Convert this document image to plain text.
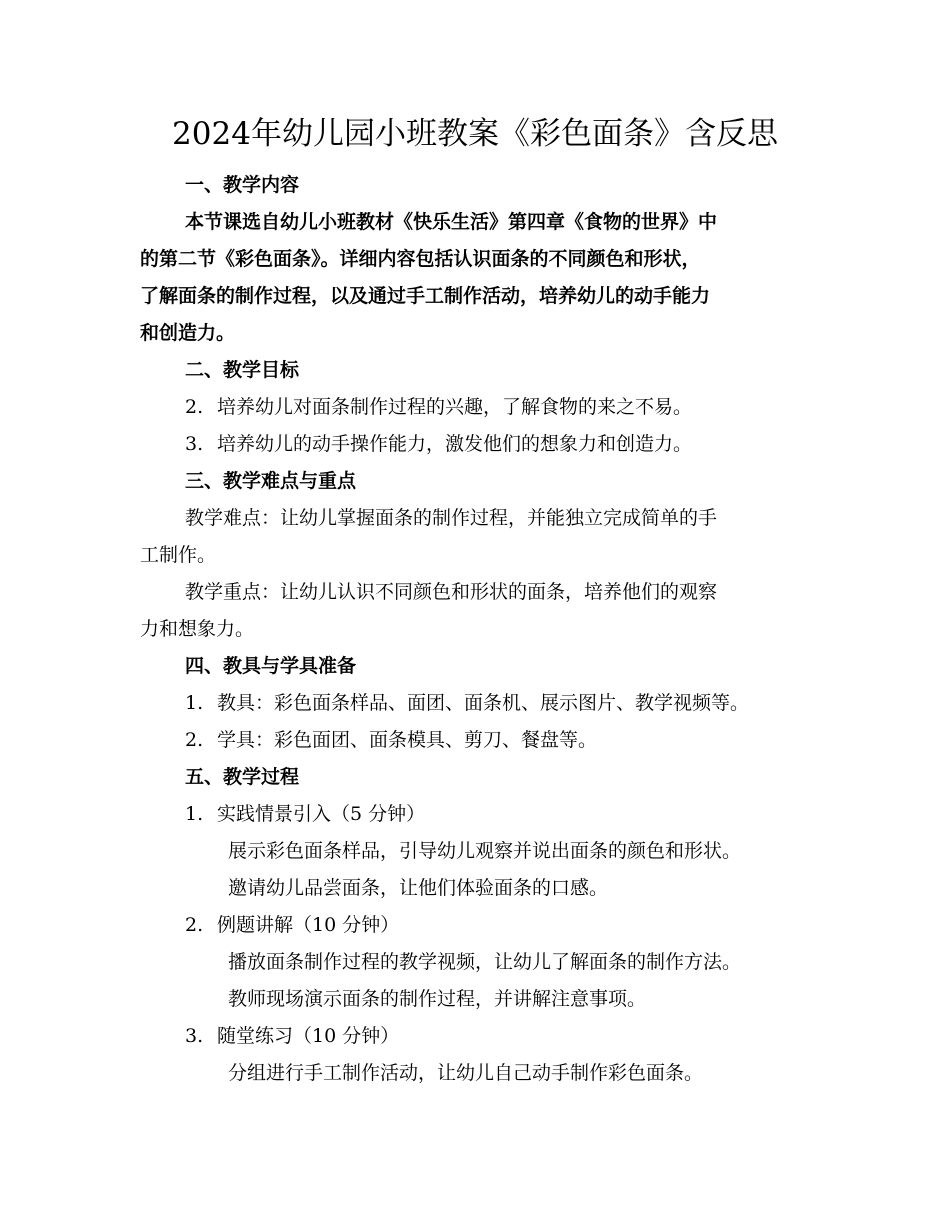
2024年幼儿园小班教案《彩色面条》含反思
一、教学内容
本节课选自幼儿小班教材《快乐生活》第四章《食物的世界》中
的第二节《彩色面条》。详细内容包括认识面条的不同颜色和形状，
了解面条的制作过程，以及通过手工制作活动，培养幼儿的动手能力
和创造力。
二、教学目标
2. 培养幼儿对面条制作过程的兴趣，了解食物的来之不易。
3. 培养幼儿的动手操作能力，激发他们的想象力和创造力。
三、教学难点与重点
教学难点：让幼儿掌握面条的制作过程，并能独立完成简单的手
工制作。
教学重点：让幼儿认识不同颜色和形状的面条，培养他们的观察
力和想象力。
四、教具与学具准备
1. 教具：彩色面条样品、面团、面条机、展示图片、教学视频等。
2. 学具：彩色面团、面条模具、剪刀、餐盘等。
五、教学过程
1. 实践情景引入（5 分钟）
展示彩色面条样品，引导幼儿观察并说出面条的颜色和形状。
邀请幼儿品尝面条，让他们体验面条的口感。
2. 例题讲解（10 分钟）
播放面条制作过程的教学视频，让幼儿了解面条的制作方法。
教师现场演示面条的制作过程，并讲解注意事项。
3. 随堂练习（10 分钟）
分组进行手工制作活动，让幼儿自己动手制作彩色面条。
